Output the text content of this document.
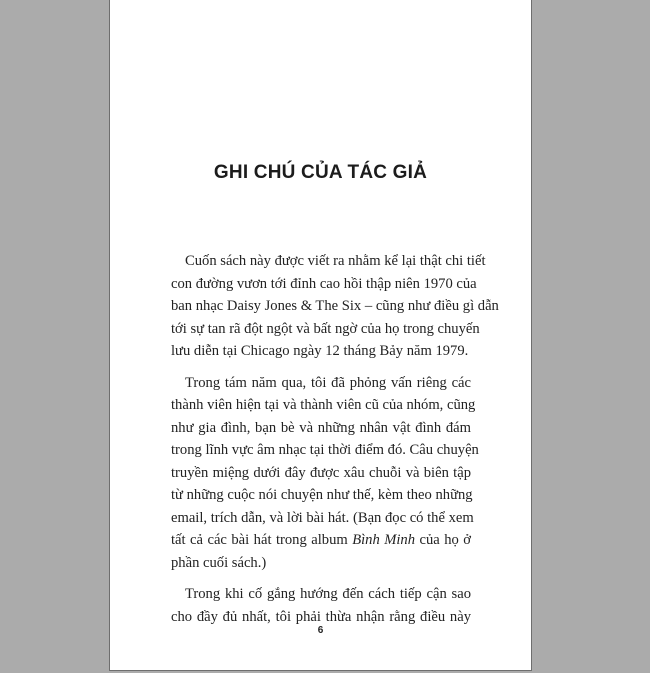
GHI CHÚ CỦA TÁC GIẢ
Cuốn sách này được viết ra nhằm kể lại thật chi tiết
con đường vươn tới đỉnh cao hồi thập niên 1970 của
ban nhạc Daisy Jones & The Six – cũng như điều gì dẫn
tới sự tan rã đột ngột và bất ngờ của họ trong chuyến
lưu diễn tại Chicago ngày 12 tháng Bảy năm 1979.
Trong tám năm qua, tôi đã phỏng vấn riêng các
thành viên hiện tại và thành viên cũ của nhóm, cũng
như gia đình, bạn bè và những nhân vật đình đám
trong lĩnh vực âm nhạc tại thời điểm đó. Câu chuyện
truyền miệng dưới đây được xâu chuỗi và biên tập
từ những cuộc nói chuyện như thế, kèm theo những
email, trích dẫn, và lời bài hát. (Bạn đọc có thể xem
tất cả các bài hát trong album Bình Minh của họ ở
phần cuối sách.)
Trong khi cố gắng hướng đến cách tiếp cận sao
cho đầy đủ nhất, tôi phải thừa nhận rằng điều này
6
